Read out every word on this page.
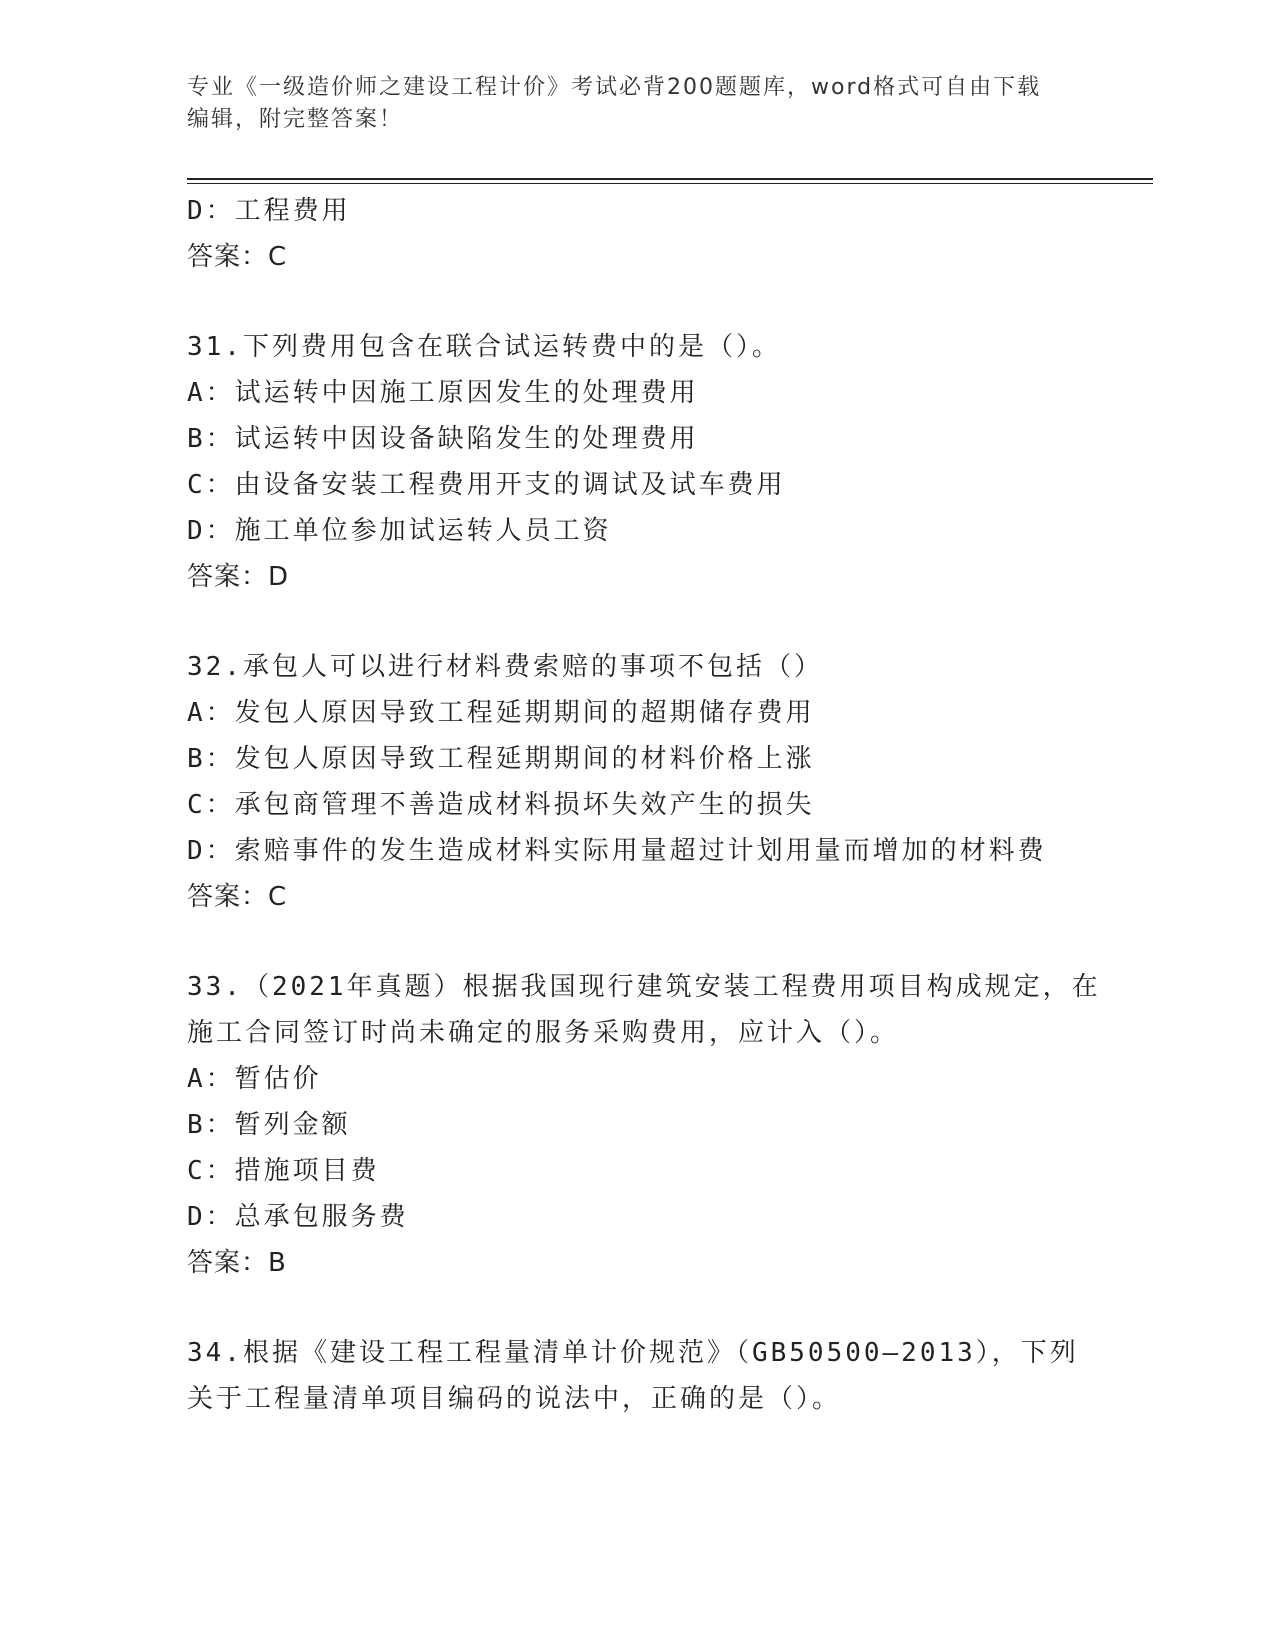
专业《一级造价师之建设工程计价》考试必背200题题库，word格式可自由下载
编辑，附完整答案！
D：工程费用
答案：C
31.下列费用包含在联合试运转费中的是（）。
A：试运转中因施工原因发生的处理费用
B：试运转中因设备缺陷发生的处理费用
C：由设备安装工程费用开支的调试及试车费用
D：施工单位参加试运转人员工资
答案：D
32.承包人可以进行材料费索赔的事项不包括（）
A：发包人原因导致工程延期期间的超期储存费用
B：发包人原因导致工程延期期间的材料价格上涨
C：承包商管理不善造成材料损坏失效产生的损失
D：索赔事件的发生造成材料实际用量超过计划用量而增加的材料费
答案：C
33.（2021年真题）根据我国现行建筑安装工程费用项目构成规定，在
施工合同签订时尚未确定的服务采购费用，应计入（）。
A：暂估价
B：暂列金额
C：措施项目费
D：总承包服务费
答案：B
34.根据《建设工程工程量清单计价规范》（GB50500—2013），下列
关于工程量清单项目编码的说法中，正确的是（）。
